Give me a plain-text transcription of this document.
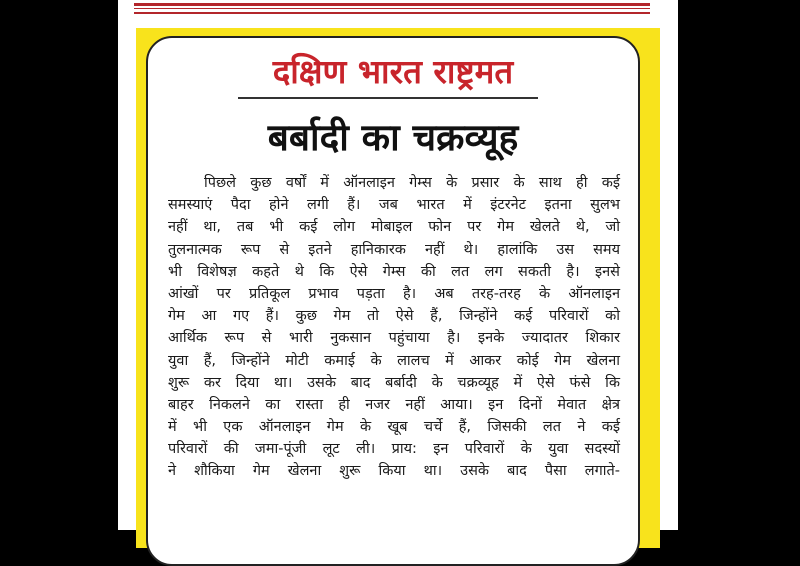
दक्षिण भारत राष्ट्रमत
बर्बादी का चक्रव्यूह
पिछले कुछ वर्षों में ऑनलाइन गेम्स के प्रसार के साथ ही कई
समस्याएं पैदा होने लगी हैं। जब भारत में इंटरनेट इतना सुलभ
नहीं था, तब भी कई लोग मोबाइल फोन पर गेम खेलते थे, जो
तुलनात्मक रूप से इतने हानिकारक नहीं थे। हालांकि उस समय
भी विशेषज्ञ कहते थे कि ऐसे गेम्स की लत लग सकती है। इनसे
आंखों पर प्रतिकूल प्रभाव पड़ता है। अब तरह-तरह के ऑनलाइन
गेम आ गए हैं। कुछ गेम तो ऐसे हैं, जिन्होंने कई परिवारों को
आर्थिक रूप से भारी नुकसान पहुंचाया है। इनके ज्यादातर शिकार
युवा हैं, जिन्होंने मोटी कमाई के लालच में आकर कोई गेम खेलना
शुरू कर दिया था। उसके बाद बर्बादी के चक्रव्यूह में ऐसे फंसे कि
बाहर निकलने का रास्ता ही नजर नहीं आया। इन दिनों मेवात क्षेत्र
में भी एक ऑनलाइन गेम के खूब चर्चे हैं, जिसकी लत ने कई
परिवारों की जमा-पूंजी लूट ली। प्राय: इन परिवारों के युवा सदस्यों
ने शौकिया गेम खेलना शुरू किया था। उसके बाद पैसा लगाते-
